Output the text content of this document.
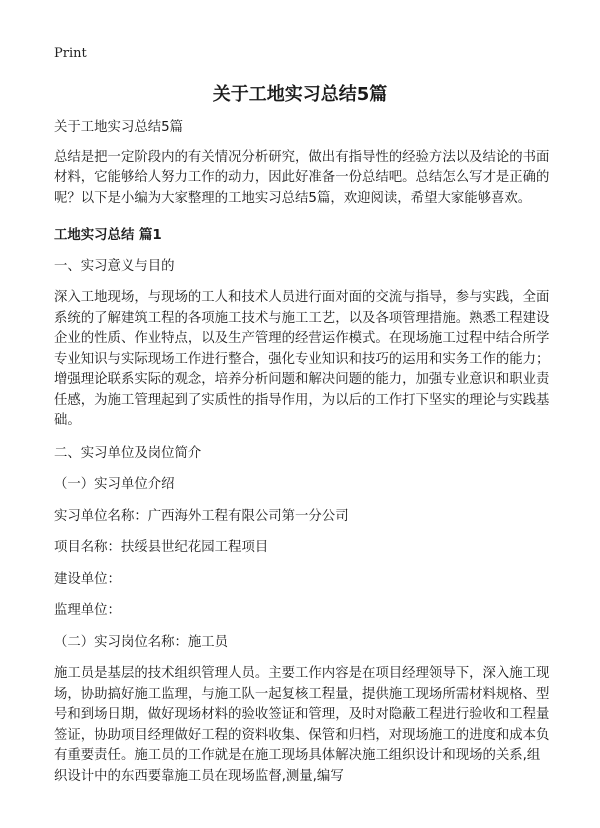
Print
关于工地实习总结5篇

关于工地实习总结5篇

总结是把一定阶段内的有关情况分析研究，做出有指导性的经验方法以及结论的书面材料，它能够给人努力工作的动力，因此好准备一份总结吧。总结怎么写才是正确的呢？以下是小编为大家整理的工地实习总结5篇，欢迎阅读，希望大家能够喜欢。

工地实习总结 篇1

一、实习意义与目的

深入工地现场，与现场的工人和技术人员进行面对面的交流与指导，参与实践，全面系统的了解建筑工程的各项施工技术与施工工艺，以及各项管理措施。熟悉工程建设企业的性质、作业特点，以及生产管理的经营运作模式。在现场施工过程中结合所学专业知识与实际现场工作进行整合，强化专业知识和技巧的运用和实务工作的能力；增强理论联系实际的观念，培养分析问题和解决问题的能力，加强专业意识和职业责任感，为施工管理起到了实质性的指导作用，为以后的工作打下坚实的理论与实践基础。

二、实习单位及岗位简介

（一）实习单位介绍

实习单位名称：广西海外工程有限公司第一分公司

项目名称：扶绥县世纪花园工程项目

建设单位：

监理单位：

（二）实习岗位名称：施工员

施工员是基层的技术组织管理人员。主要工作内容是在项目经理领导下，深入施工现场，协助搞好施工监理，与施工队一起复核工程量，提供施工现场所需材料规格、型号和到场日期，做好现场材料的验收签证和管理，及时对隐蔽工程进行验收和工程量签证，协助项目经理做好工程的资料收集、保管和归档，对现场施工的进度和成本负有重要责任。施工员的工作就是在施工现场具体解决施工组织设计和现场的关系,组织设计中的东西要靠施工员在现场监督,测量,编写
